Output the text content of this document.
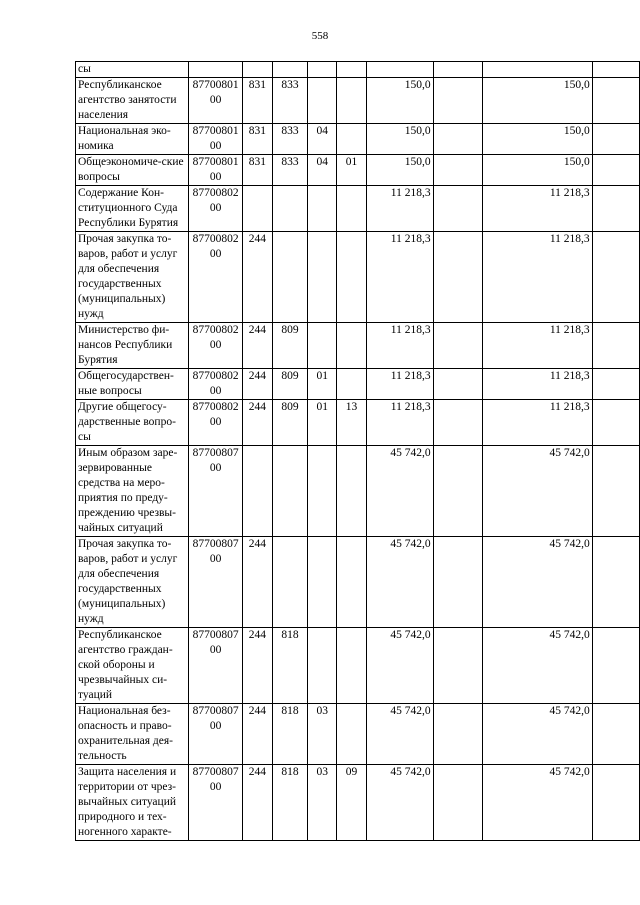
558
сы	

Республиканское агентство занятости населения	87700801
00	831	833			150,0		150,0	
Национальная эко-номика	87700801
00	831	833	04		150,0		150,0	
Общеэкономиче-ские вопросы	87700801
00	831	833	04	01	150,0		150,0	
Содержание Кон-ституционного Суда Республики Бурятия	87700802
00					11 218,3		11 218,3	
Прочая закупка то-варов, работ и услуг для обеспечения государственных (муниципальных) нужд	87700802
00	244				11 218,3		11 218,3	
Министерство фи-нансов Республики Бурятия	87700802
00	244	809			11 218,3		11 218,3	
Общегосударствен-ные вопросы	87700802
00	244	809	01		11 218,3		11 218,3	
Другие общегосу-дарственные вопро-сы	87700802
00	244	809	01	13	11 218,3		11 218,3	
Иным образом заре-зервированные средства на меро-приятия по преду-преждению чрезвы-чайных ситуаций	87700807
00					45 742,0		45 742,0	
Прочая закупка то-варов, работ и услуг для обеспечения государственных (муниципальных) нужд	87700807
00	244				45 742,0		45 742,0	
Республиканское агентство граждан-ской обороны и чрезвычайных си-туаций	87700807
00	244	818			45 742,0		45 742,0	
Национальная без-опасность и право-охранительная дея-тельность	87700807
00	244	818	03		45 742,0		45 742,0	
Защита населения и территории от чрез-вычайных ситуаций природного и тех-ногенного характе-	87700807
00	244	818	03	09	45 742,0		45 742,0	
